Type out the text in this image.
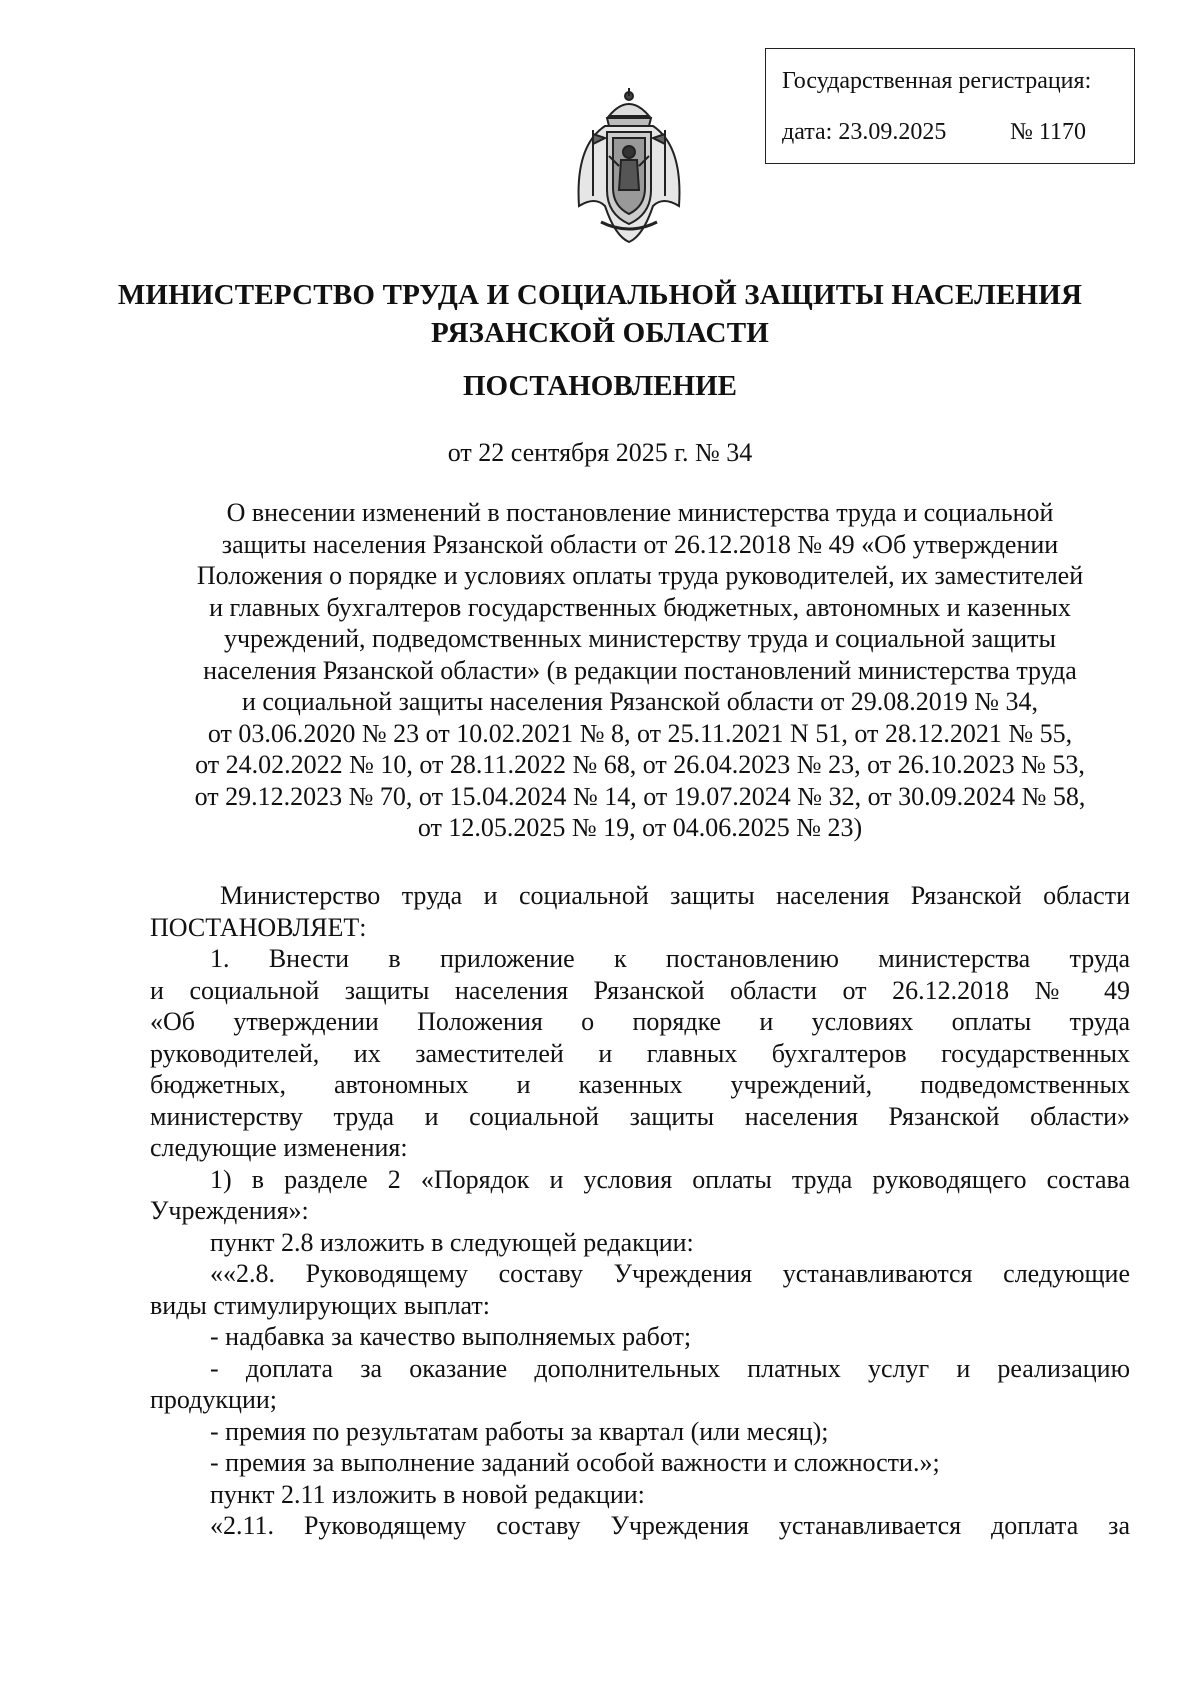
Государственная регистрация:
дата: 23.09.2025	№ 1170
МИНИСТЕРСТВО ТРУДА И СОЦИАЛЬНОЙ ЗАЩИТЫ НАСЕЛЕНИЯ
РЯЗАНСКОЙ ОБЛАСТИ
ПОСТАНОВЛЕНИЕ
от 22 сентября 2025 г. № 34
О внесении изменений в постановление министерства труда и социальной
защиты населения Рязанской области от 26.12.2018 № 49 «Об утверждении
Положения о порядке и условиях оплаты труда руководителей, их заместителей
и главных бухгалтеров государственных бюджетных, автономных и казенных
учреждений, подведомственных министерству труда и социальной защиты
населения Рязанской области» (в редакции постановлений министерства труда
и социальной защиты населения Рязанской области от 29.08.2019 № 34,
от 03.06.2020 № 23 от 10.02.2021 № 8, от 25.11.2021 N 51, от 28.12.2021 № 55,
от 24.02.2022 № 10, от 28.11.2022 № 68, от 26.04.2023 № 23, от 26.10.2023 № 53,
от 29.12.2023 № 70, от 15.04.2024 № 14, от 19.07.2024 № 32, от 30.09.2024 № 58,
от 12.05.2025 № 19, от 04.06.2025 № 23)
Министерство труда и социальной защиты населения Рязанской области
ПОСТАНОВЛЯЕТ:
1. Внести в приложение к постановлению министерства труда
и социальной защиты населения Рязанской области от 26.12.2018 № 49
«Об утверждении Положения о порядке и условиях оплаты труда
руководителей, их заместителей и главных бухгалтеров государственных
бюджетных, автономных и казенных учреждений, подведомственных
министерству труда и социальной защиты населения Рязанской области»
следующие изменения:
1) в разделе 2 «Порядок и условия оплаты труда руководящего состава
Учреждения»:
пункт 2.8 изложить в следующей редакции:
««2.8. Руководящему составу Учреждения устанавливаются следующие
виды стимулирующих выплат:
- надбавка за качество выполняемых работ;
- доплата за оказание дополнительных платных услуг и реализацию
продукции;
- премия по результатам работы за квартал (или месяц);
- премия за выполнение заданий особой важности и сложности.»;
пункт 2.11 изложить в новой редакции:
«2.11. Руководящему составу Учреждения устанавливается доплата за
